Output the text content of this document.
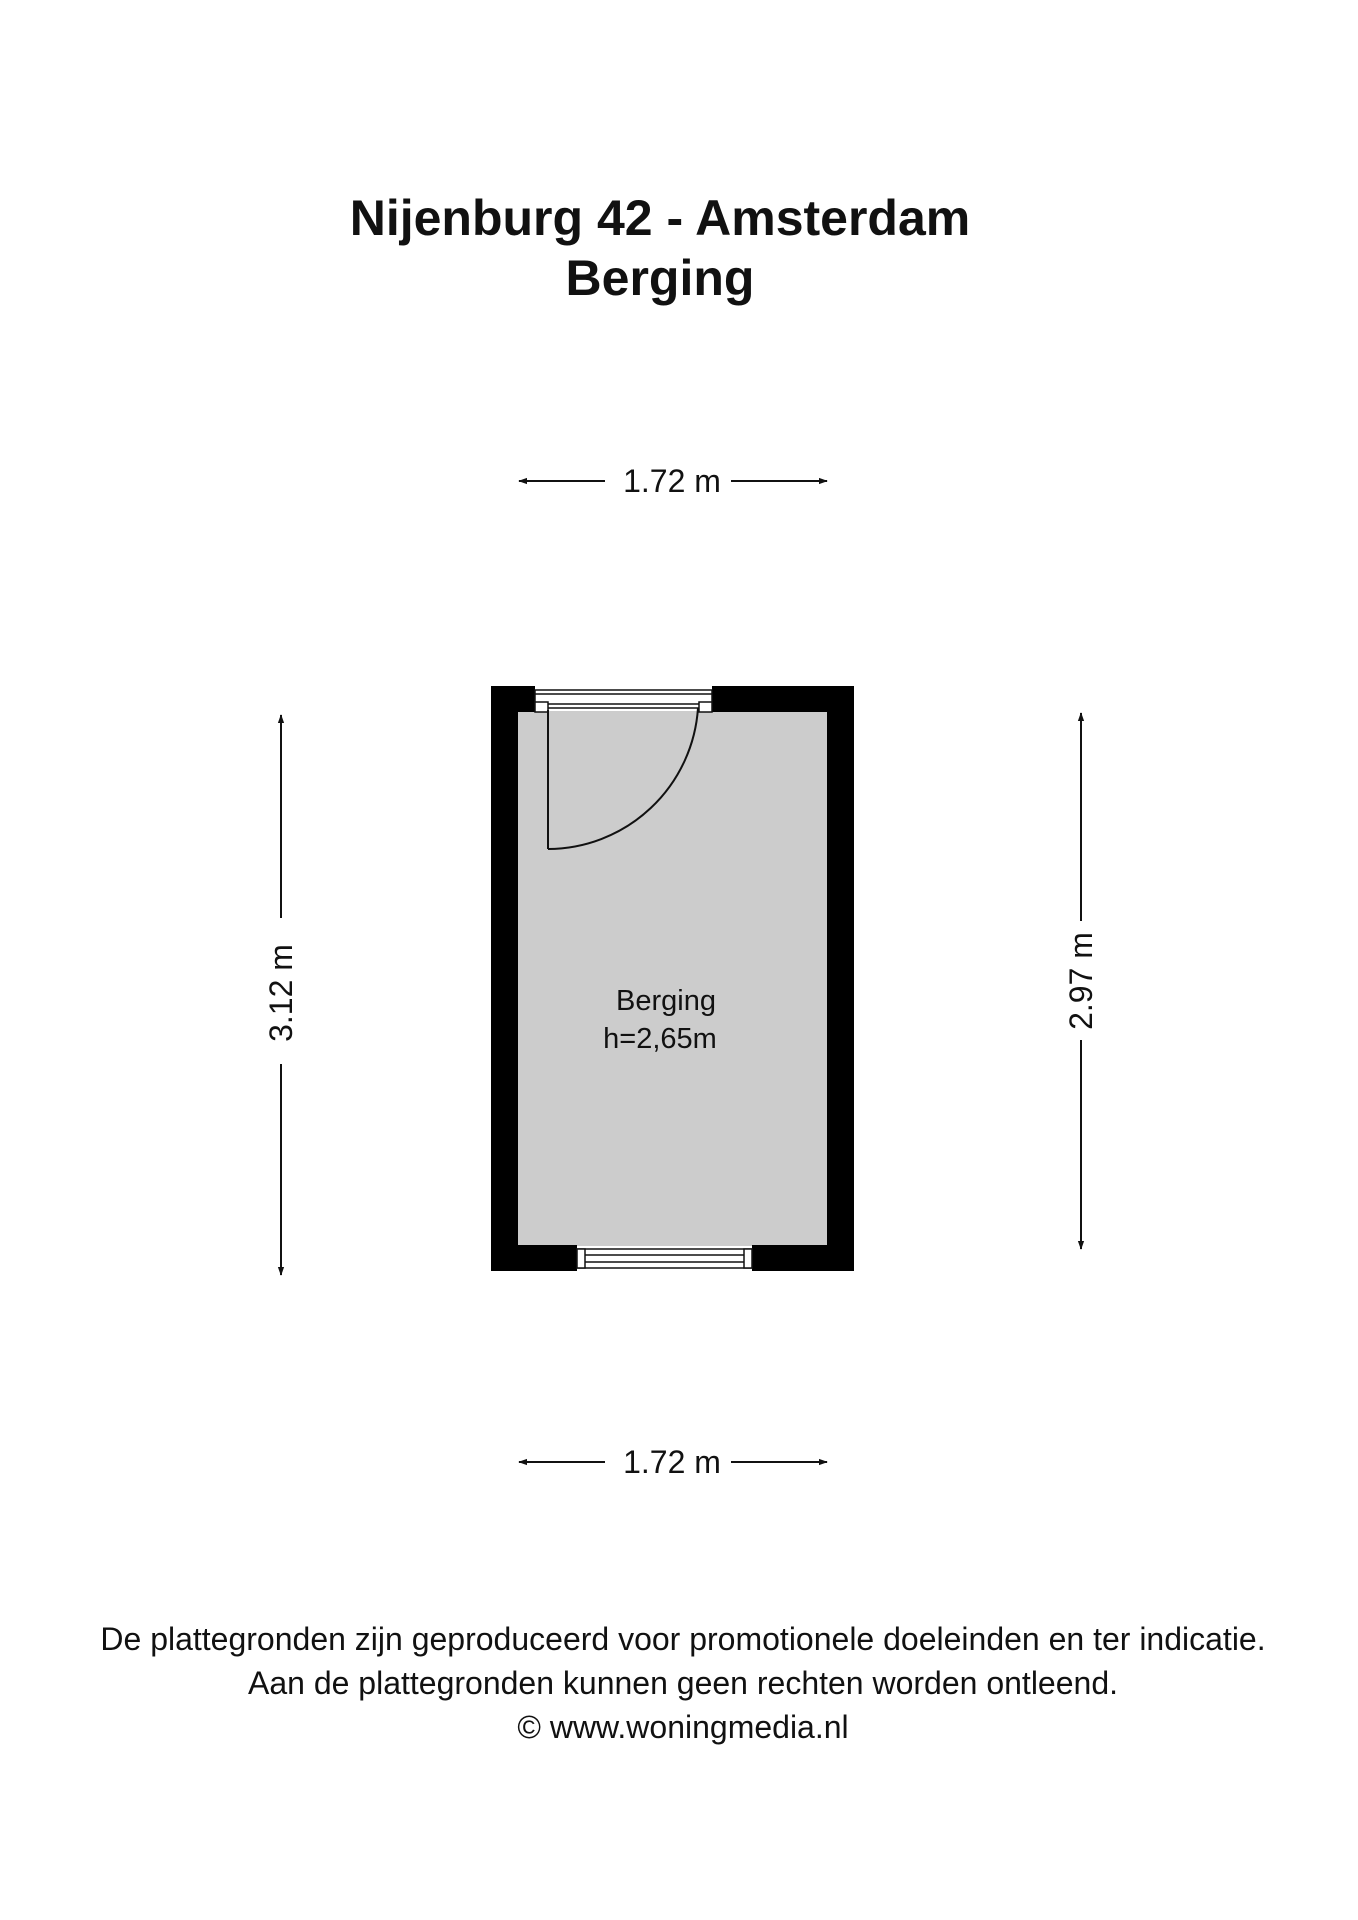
Nijenburg 42 - Amsterdam
Berging
Berging
h=2,65m
1.72 m
1.72 m
3.12 m	2.97 m
De plattegronden zijn geproduceerd voor promotionele doeleinden en ter indicatie.
Aan de plattegronden kunnen geen rechten worden ontleend.
© www.woningmedia.nl
